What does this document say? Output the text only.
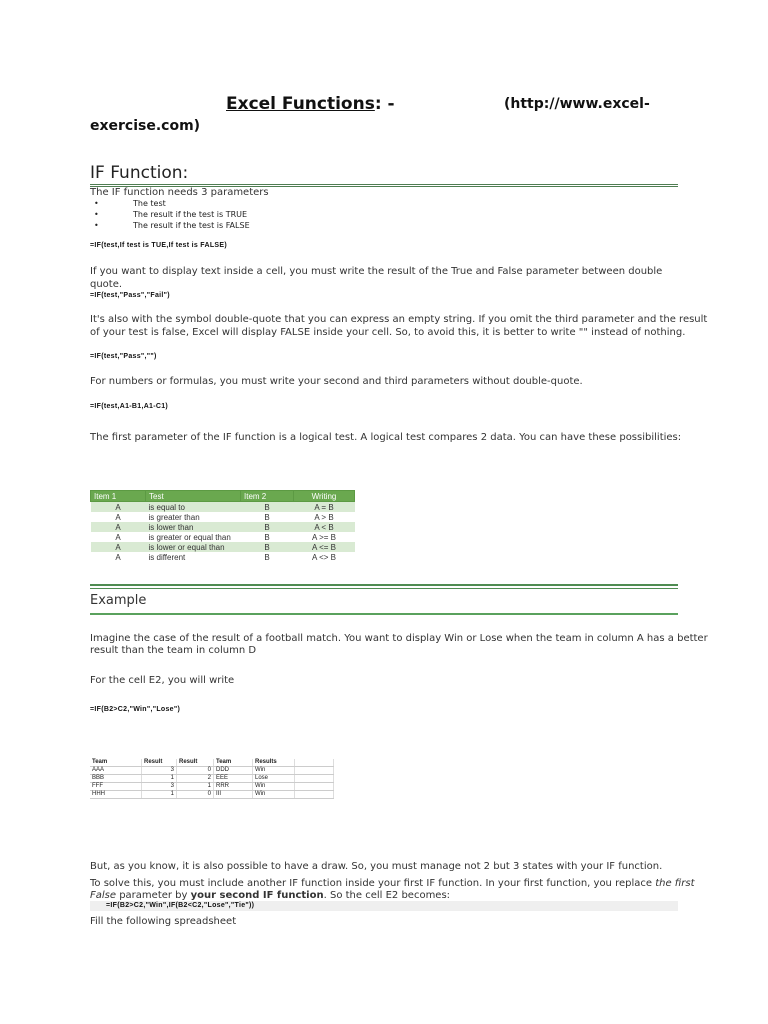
Excel Functions: -	(http://www.excel-
exercise.com)
IF Function:
The IF function needs 3 parameters
• The test
• The result if the test is TRUE
• The result if the test is FALSE
=IF(test,If test is TUE,If test is FALSE)
If you want to display text inside a cell, you must write the result of the True and False parameter between double quote.
=IF(test,"Pass","Fail")
It's also with the symbol double-quote that you can express an empty string. If you omit the third parameter and the result
of your test is false, Excel will display FALSE inside your cell. So, to avoid this, it is better to write "" instead of nothing.
=IF(test,"Pass","")
For numbers or formulas, you must write your second and third parameters without double-quote.
=IF(test,A1-B1,A1-C1)
The first parameter of the IF function is a logical test. A logical test compares 2 data. You can have these possibilities:
Item 1	Test	Item 2	Writing
A	is equal to	B	A = B
A	is greater than	B	A > B
A	is lower than	B	A < B
A	is greater or equal than	B	A >= B
A	is lower or equal than	B	A <= B
A	is different	B	A <> B
Example
Imagine the case of the result of a football match. You want to display Win or Lose when the team in column A has a better
result than the team in column D
For the cell E2, you will write
=IF(B2>C2,"Win","Lose")
Team	Result	Result	Team	Results	
AAA	3	0	DDD	Win	
BBB	1	2	EEE	Lose	
FFF	3	1	RRR	Win	
HHH	1	0	III	Win	
But, as you know, it is also possible to have a draw. So, you must manage not 2 but 3 states with your IF function.
To solve this, you must include another IF function inside your first IF function. In your first function, you replace the first
False parameter by your second IF function. So the cell E2 becomes:
=IF(B2>C2,"Win",IF(B2<C2,"Lose","Tie"))
Fill the following spreadsheet
